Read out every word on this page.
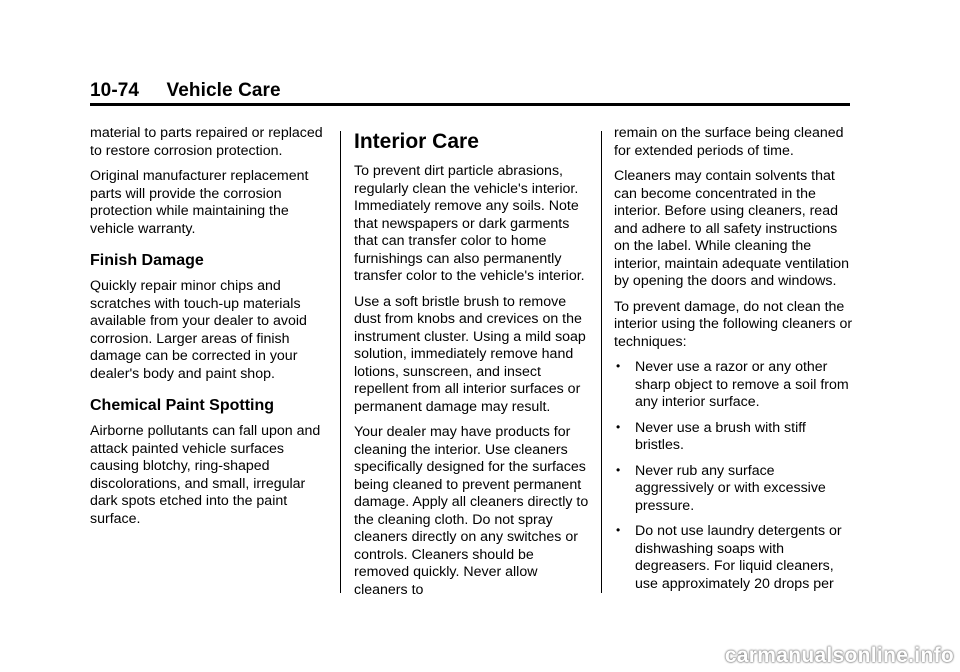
10-74 Vehicle Care

material to parts repaired or replaced to restore corrosion protection.

Original manufacturer replacement parts will provide the corrosion protection while maintaining the vehicle warranty.

Finish Damage

Quickly repair minor chips and scratches with touch-up materials available from your dealer to avoid corrosion. Larger areas of finish damage can be corrected in your dealer's body and paint shop.

Chemical Paint Spotting

Airborne pollutants can fall upon and attack painted vehicle surfaces causing blotchy, ring-shaped discolorations, and small, irregular dark spots etched into the paint surface.

Interior Care

To prevent dirt particle abrasions, regularly clean the vehicle's interior. Immediately remove any soils. Note that newspapers or dark garments that can transfer color to home furnishings can also permanently transfer color to the vehicle's interior.

Use a soft bristle brush to remove dust from knobs and crevices on the instrument cluster. Using a mild soap solution, immediately remove hand lotions, sunscreen, and insect repellent from all interior surfaces or permanent damage may result.

Your dealer may have products for cleaning the interior. Use cleaners specifically designed for the surfaces being cleaned to prevent permanent damage. Apply all cleaners directly to the cleaning cloth. Do not spray cleaners directly on any switches or controls. Cleaners should be removed quickly. Never allow cleaners to

remain on the surface being cleaned for extended periods of time.

Cleaners may contain solvents that can become concentrated in the interior. Before using cleaners, read and adhere to all safety instructions on the label. While cleaning the interior, maintain adequate ventilation by opening the doors and windows.

To prevent damage, do not clean the interior using the following cleaners or techniques:

• Never use a razor or any other sharp object to remove a soil from any interior surface.
• Never use a brush with stiff bristles.
• Never rub any surface aggressively or with excessive pressure.
• Do not use laundry detergents or dishwashing soaps with degreasers. For liquid cleaners, use approximately 20 drops per
carmanualsonline.info
